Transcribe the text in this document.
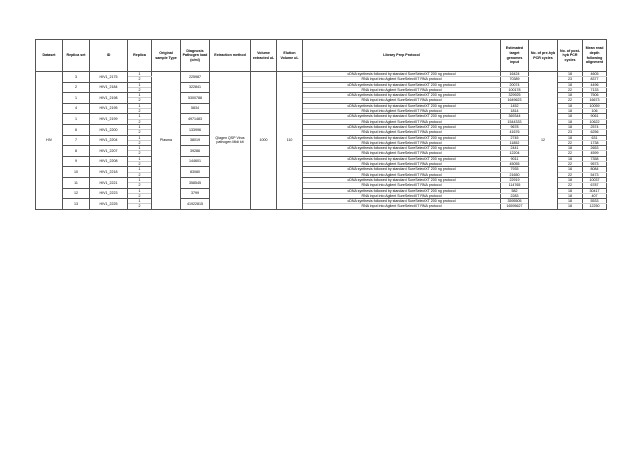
Dataset	Replica set	ID	Replica	Original sample Type	Diagnosis Pathogen load (c/ml)	Extraction method	Volume extracted uL	Elution Volume uL	Library Prep Protocol	Estimated target genomes input	No. of pre-hyb PCR cycles	No. of post-hyb PCR cycles	Mean read depth following alignment
HIV	3	HIV1_2175	1	Plasma	225987	Qiagen QSP Virus pathogen Midi kit	1000	110	cDNA synthesis followed by standard SureSelectXT 200 ng protocol	16424	12	18	4605
			2						RNA input into Agilent SureSelectXT RNA protocol	70389		23	8377
	2	HIV1_2184	1		322841				cDNA synthesis followed by standard SureSelectXT 200 ng protocol	20074		18	4496
			2						RNA input into Agilent SureSelectXT RNA protocol	100178		22	7133
	1	HIV1_2198	1		5300788				cDNA synthesis followed by standard SureSelectXT 200 ng protocol	329925		18	7506
			2						RNA input into Agilent SureSelectXT RNA protocol	1649623		22	16673
	4	HIV1_2195	1		5834				cDNA synthesis followed by standard SureSelectXT 200 ng protocol	1452		18	10059
			2						RNA input into Agilent SureSelectXT RNA protocol	1814		18	106
	1	HIV1_2199	1		4971483				cDNA synthesis followed by standard SureSelectXT 200 ng protocol	369344		18	9061
			2						RNA input into Agilent SureSelectXT RNA protocol	1544333		18	10622
	6	HIV1_2200	1		133996				cDNA synthesis followed by standard SureSelectXT 200 ng protocol	9678		18	2574
			2						RNA input into Agilent SureSelectXT RNA protocol	41676		23	6256
	7	HIV1_2204	1		38019				cDNA synthesis followed by standard SureSelectXT 200 ng protocol	2745		18	631
			2						RNA input into Agilent SureSelectXT RNA protocol	11852		22	1738
	8	HIV1_2207	1		39286				cDNA synthesis followed by standard SureSelectXT 200 ng protocol	2441		18	2653
			2						RNA input into Agilent SureSelectXT RNA protocol	12204		22	4599
	9	HIV1_2208	1		144601				cDNA synthesis followed by standard SureSelectXT 200 ng protocol	9011		18	7358
			2						RNA input into Agilent SureSelectXT RNA protocol	45055		22	9573
	10	HIV1_2218	1		83080				cDNA synthesis followed by standard SureSelectXT 200 ng protocol	7935		18	8084
			2						RNA input into Agilent SureSelectXT RNA protocol	21650		22	5473
	11	HIV1_2221	1		358545				cDNA synthesis followed by standard SureSelectXT 200 ng protocol	22919		18	10037
			2						RNA input into Agilent SureSelectXT RNA protocol	114765		22	6787
	12	HIV1_2223	1		3799				cDNA synthesis followed by standard SureSelectXT 200 ng protocol	582		18	30417
			2						RNA input into Agilent SureSelectXT RNA protocol	2283		18	407
	13	HIV1_2225	1		41922815				cDNA synthesis followed by standard SureSelectXT 200 ng protocol	3595505		18	5533
			2						RNA input into Agilent SureSelectXT RNA protocol	16595627		18	12250
